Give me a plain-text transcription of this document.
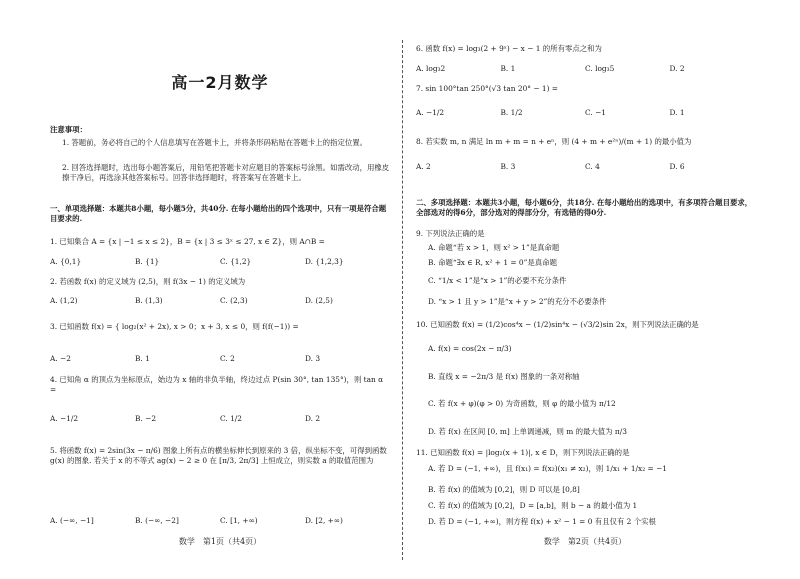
高一2月数学
注意事项：
1. 答题前，务必将自己的个人信息填写在答题卡上，并将条形码粘贴在答题卡上的指定位置。
2. 回答选择题时，选出每小题答案后，用铅笔把答题卡对应题目的答案标号涂黑。如需改动，用橡皮擦干净后，再选涂其他答案标号。回答非选择题时，将答案写在答题卡上。
一、单项选择题：本题共8小题，每小题5分，共40分. 在每小题给出的四个选项中，只有一项是符合题目要求的.
1. 已知集合 A = {x | −1 ≤ x ≤ 2}，B = {x | 3 ≤ 3ˣ ≤ 27, x ∈ Z}，则 A∩B =
A. {0,1}	B. {1}	C. {1,2}	D. {1,2,3}
2. 若函数 f(x) 的定义域为 (2,5)，则 f(3x − 1) 的定义域为
A. (1,2)	B. (1,3)	C. (2,3)	D. (2,5)
3. 已知函数 f(x) = { log₂(x² + 2x), x > 0；x + 3, x ≤ 0，则 f(f(−1)) =
A. −2	B. 1	C. 2	D. 3
4. 已知角 α 的顶点为坐标原点，始边为 x 轴的非负半轴，终边过点 P(sin 30°, tan 135°)，则 tan α =
A. −1/2	B. −2	C. 1/2	D. 2
5. 将函数 f(x) = 2sin(3x − π/6) 图象上所有点的横坐标伸长到原来的 3 倍，纵坐标不变，可得到函数 g(x) 的图象. 若关于 x 的不等式 ag(x) − 2 ≥ 0 在 [π/3, 2π/3] 上恒成立，则实数 a 的取值范围为
A. (−∞, −1]	B. (−∞, −2]	C. [1, +∞)	D. [2, +∞)
数学　第1页（共4页）
6. 函数 f(x) = log₃(2 + 9ˣ) − x − 1 的所有零点之和为
A. log₃2	B. 1	C. log₃5	D. 2
7. sin 100°tan 250°(√3 tan 20° − 1) =
A. −1/2	B. 1/2	C. −1	D. 1
8. 若实数 m, n 满足 ln m + m = n + eⁿ，则 (4 + m + e²ⁿ)/(m + 1) 的最小值为
A. 2	B. 3	C. 4	D. 6
二、多项选择题：本题共3小题，每小题6分，共18分. 在每小题给出的选项中，有多项符合题目要求，全部选对的得6分，部分选对的得部分分，有选错的得0分.
9. 下列说法正确的是
A. 命题“若 x > 1，则 x² > 1”是真命题
B. 命题“∃x ∈ R, x² + 1 = 0”是真命题
C. “1/x < 1”是“x > 1”的必要不充分条件
D. “x > 1 且 y > 1”是“x + y > 2”的充分不必要条件
10. 已知函数 f(x) = (1/2)cos⁴x − (1/2)sin⁴x − (√3/2)sin 2x，则下列说法正确的是
A. f(x) = cos(2x − π/3)
B. 直线 x = −2π/3 是 f(x) 图象的一条对称轴
C. 若 f(x + φ)(φ > 0) 为奇函数，则 φ 的最小值为 π/12
D. 若 f(x) 在区间 [0, m] 上单调递减，则 m 的最大值为 π/3
11. 已知函数 f(x) = |log₂(x + 1)|, x ∈ D，则下列说法正确的是
A. 若 D = (−1, +∞)，且 f(x₁) = f(x₂)(x₁ ≠ x₂)，则 1/x₁ + 1/x₂ = −1
B. 若 f(x) 的值域为 [0,2]，则 D 可以是 [0,8]
C. 若 f(x) 的值域为 [0,2]，D = [a,b]，则 b − a 的最小值为 1
D. 若 D = (−1, +∞)，则方程 f(x) + x² − 1 = 0 有且仅有 2 个实根
数学　第2页（共4页）
